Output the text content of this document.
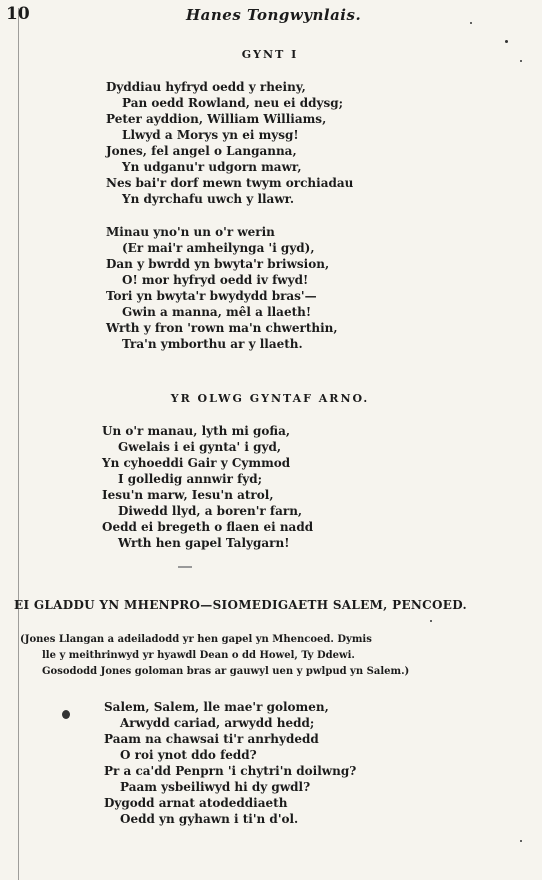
10	Hanes Tongwynlais.
GYNT I
Dyddiau hyfryd oedd y rheiny,
Pan oedd Rowland, neu ei ddysg;
Peter ayddion, William Williams,
Llwyd a Morys yn ei mysg!
Jones, fel angel o Langanna,
Yn udganu'r udgorn mawr,
Nes bai'r dorf mewn twym orchiadau
Yn dyrchafu uwch y llawr.
Minau yno'n un o'r werin
(Er mai'r amheilynga 'i gyd),
Dan y bwrdd yn bwyta'r briwsion,
O! mor hyfryd oedd iv fwyd!
Tori yn bwyta'r bwydydd bras'—
Gwin a manna, mêl a llaeth!
Wrth y fron 'rown ma'n chwerthin,
Tra'n ymborthu ar y llaeth.
YR OLWG GYNTAF ARNO.
Un o'r manau, lyth mi gofia,
Gwelais i ei gynta' i gyd,
Yn cyhoeddi Gair y Cymmod
I golledig annwir fyd;
Iesu'n marw, Iesu'n atrol,
Diwedd llyd, a boren'r farn,
Oedd ei bregeth o flaen ei nadd
Wrth hen gapel Talygarn!
EI GLADDU YN MHENPRO—SIOMEDIGAETH SALEM, PENCOED.
(Jones Llangan a adeiladodd yr hen gapel yn Mhencoed. Dymis
lle y meithrinwyd yr hyawdl Dean o dd Howel, Ty Ddewi.
Gosododd Jones goloman bras ar gauwyl uen y pwlpud yn Salem.)
Salem, Salem, lle mae'r golomen,
Arwydd cariad, arwydd hedd;
Paam na chawsai ti'r anrhydedd
O roi ynot ddo fedd?
Pr a ca'dd Penprn 'i chytri'n doilwng?
Paam ysbeiliwyd hi dy gwdl?
Dygodd arnat atodeddiaeth
Oedd yn gyhawn i ti'n d'ol.
